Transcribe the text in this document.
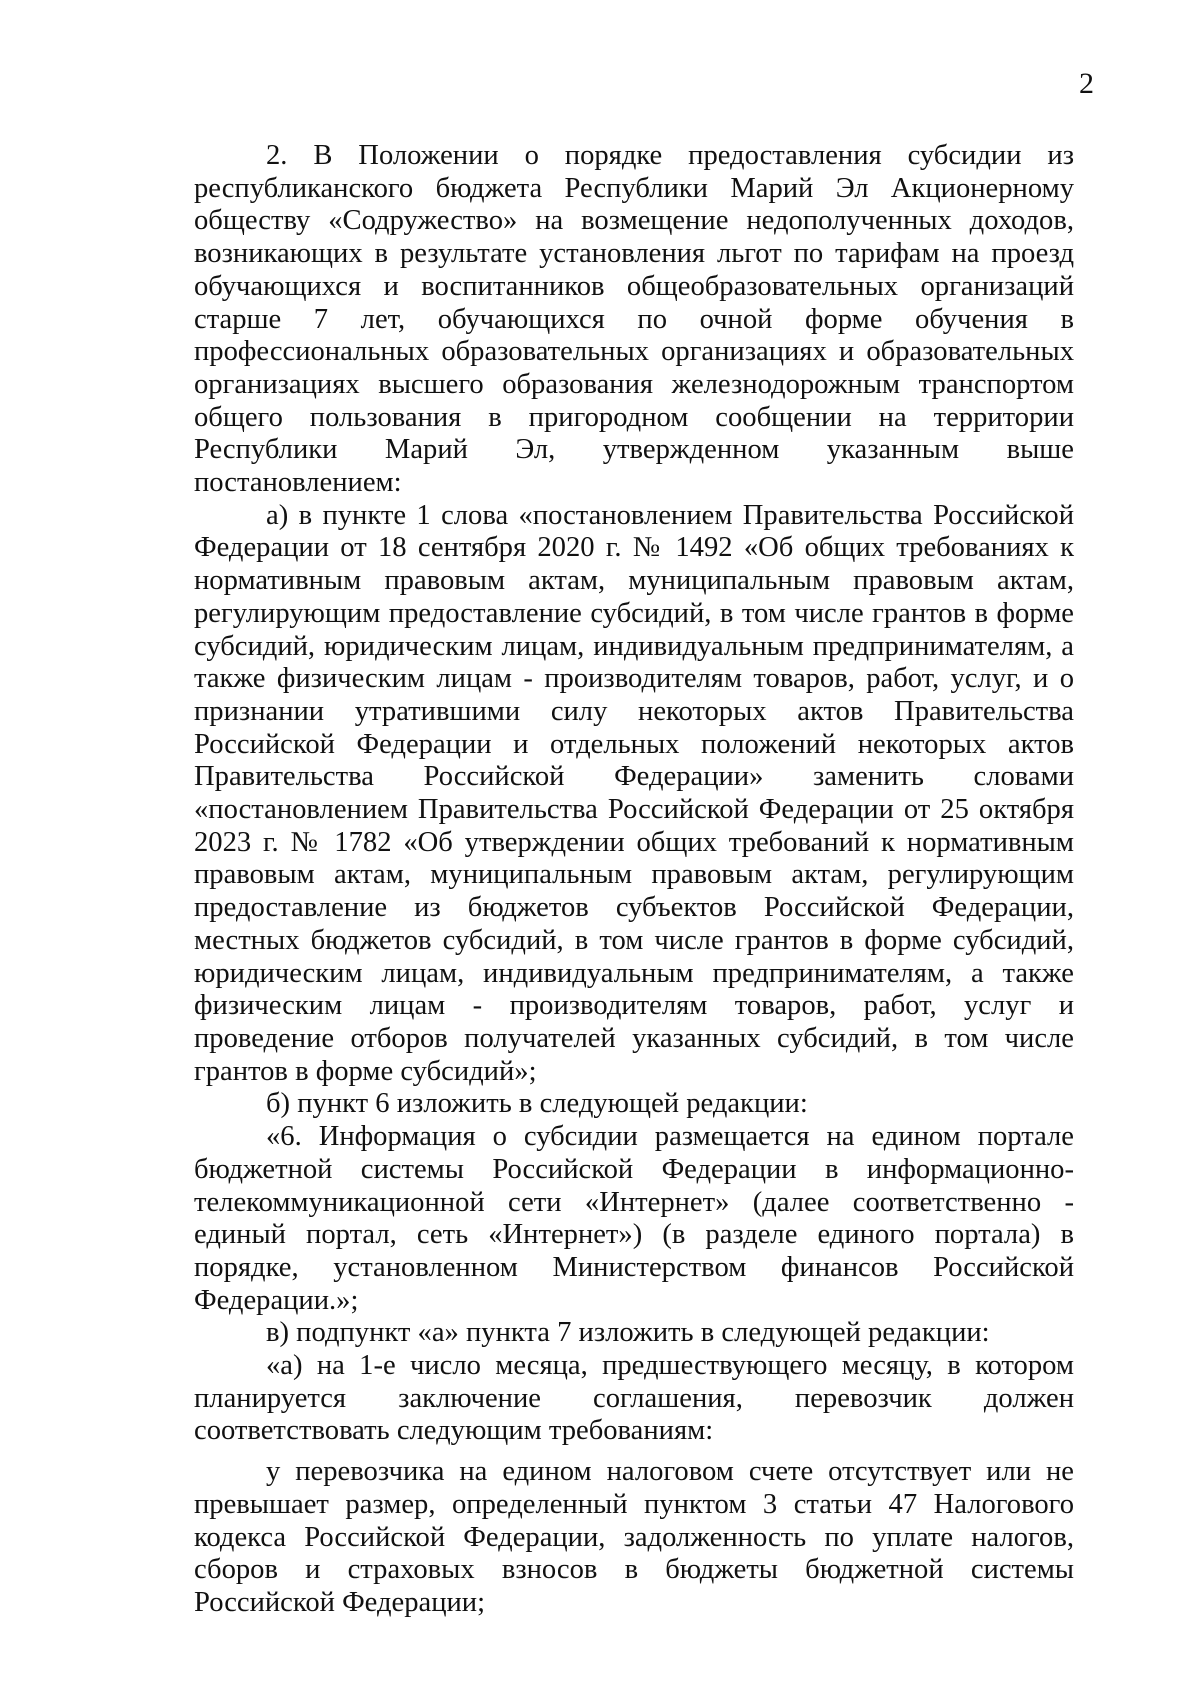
2

2. В Положении о порядке предоставления субсидии из республиканского бюджета Республики Марий Эл Акционерному обществу «Содружество» на возмещение недополученных доходов, возникающих в результате установления льгот по тарифам на проезд обучающихся и воспитанников общеобразовательных организаций старше 7 лет, обучающихся по очной форме обучения в профессиональных образовательных организациях и образовательных организациях высшего образования железнодорожным транспортом общего пользования в пригородном сообщении на территории Республики Марий Эл, утвержденном указанным выше постановлением:

а) в пункте 1 слова «постановлением Правительства Российской Федерации от 18 сентября 2020 г. № 1492 «Об общих требованиях к нормативным правовым актам, муниципальным правовым актам, регулирующим предоставление субсидий, в том числе грантов в форме субсидий, юридическим лицам, индивидуальным предпринимателям, а также физическим лицам - производителям товаров, работ, услуг, и о признании утратившими силу некоторых актов Правительства Российской Федерации и отдельных положений некоторых актов Правительства Российской Федерации» заменить словами «постановлением Правительства Российской Федерации от 25 октября 2023 г. № 1782 «Об утверждении общих требований к нормативным правовым актам, муниципальным правовым актам, регулирующим предоставление из бюджетов субъектов Российской Федерации, местных бюджетов субсидий, в том числе грантов в форме субсидий, юридическим лицам, индивидуальным предпринимателям, а также физическим лицам - производителям товаров, работ, услуг и проведение отборов получателей указанных субсидий, в том числе грантов в форме субсидий»;

б) пункт 6 изложить в следующей редакции:

«6. Информация о субсидии размещается на едином портале бюджетной системы Российской Федерации в информационно-телекоммуникационной сети «Интернет» (далее соответственно - единый портал, сеть «Интернет») (в разделе единого портала) в порядке, установленном Министерством финансов Российской Федерации.»;

в) подпункт «а» пункта 7 изложить в следующей редакции:

«а) на 1-е число месяца, предшествующего месяцу, в котором планируется заключение соглашения, перевозчик должен соответствовать следующим требованиям:

у перевозчика на едином налоговом счете отсутствует или не превышает размер, определенный пунктом 3 статьи 47 Налогового кодекса Российской Федерации, задолженность по уплате налогов, сборов и страховых взносов в бюджеты бюджетной системы Российской Федерации;
